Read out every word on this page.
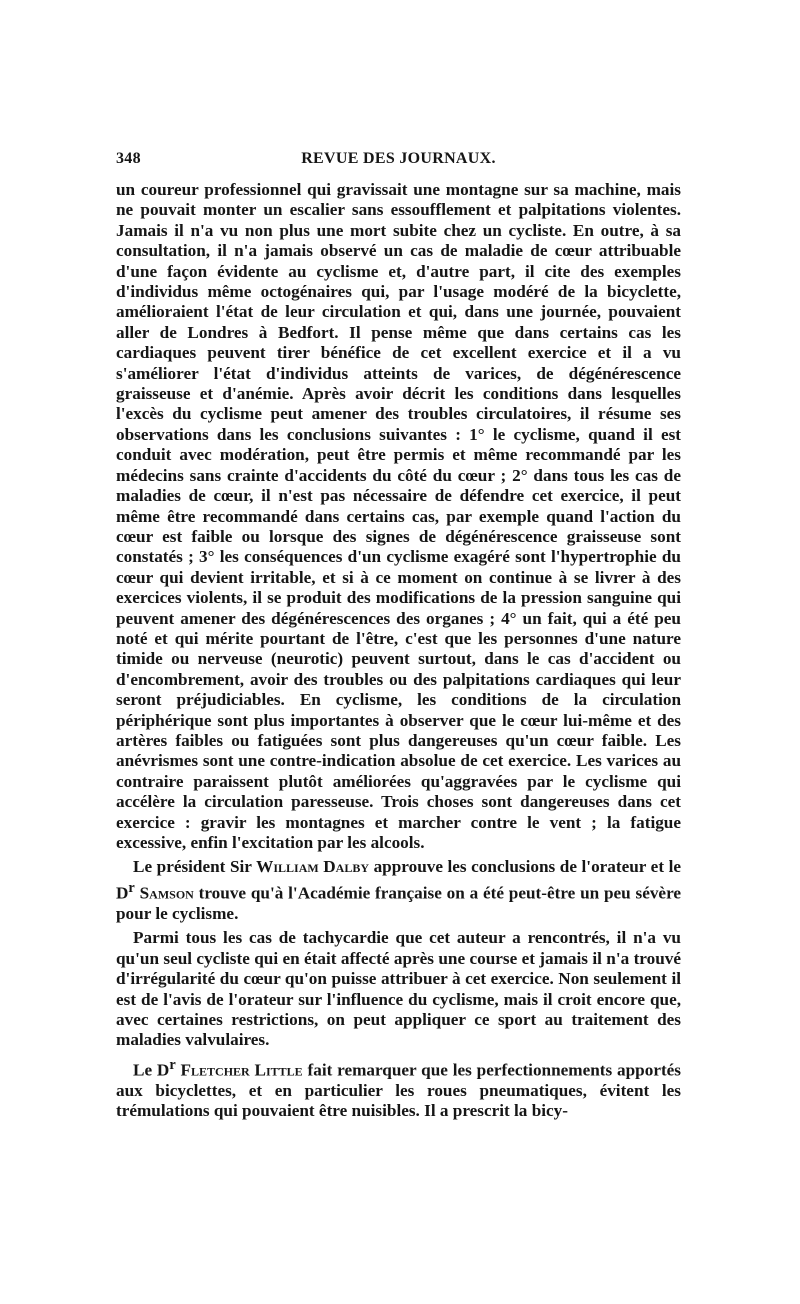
348	REVUE DES JOURNAUX.

un coureur professionnel qui gravissait une montagne sur sa machine, mais ne pouvait monter un escalier sans essoufflement et palpitations violentes. Jamais il n'a vu non plus une mort subite chez un cycliste. En outre, à sa consultation, il n'a jamais observé un cas de maladie de cœur attribuable d'une façon évidente au cyclisme et, d'autre part, il cite des exemples d'individus même octogénaires qui, par l'usage modéré de la bicyclette, amélioraient l'état de leur circulation et qui, dans une journée, pouvaient aller de Londres à Bedfort. Il pense même que dans certains cas les cardiaques peuvent tirer bénéfice de cet excellent exercice et il a vu s'améliorer l'état d'individus atteints de varices, de dégénérescence graisseuse et d'anémie. Après avoir décrit les conditions dans lesquelles l'excès du cyclisme peut amener des troubles circulatoires, il résume ses observations dans les conclusions suivantes : 1° le cyclisme, quand il est conduit avec modération, peut être permis et même recommandé par les médecins sans crainte d'accidents du côté du cœur ; 2° dans tous les cas de maladies de cœur, il n'est pas nécessaire de défendre cet exercice, il peut même être recommandé dans certains cas, par exemple quand l'action du cœur est faible ou lorsque des signes de dégénérescence graisseuse sont constatés ; 3° les conséquences d'un cyclisme exagéré sont l'hypertrophie du cœur qui devient irritable, et si à ce moment on continue à se livrer à des exercices violents, il se produit des modifications de la pression sanguine qui peuvent amener des dégénérescences des organes ; 4° un fait, qui a été peu noté et qui mérite pourtant de l'être, c'est que les personnes d'une nature timide ou nerveuse (neurotic) peuvent surtout, dans le cas d'accident ou d'encombrement, avoir des troubles ou des palpitations cardiaques qui leur seront préjudiciables. En cyclisme, les conditions de la circulation périphérique sont plus importantes à observer que le cœur lui-même et des artères faibles ou fatiguées sont plus dangereuses qu'un cœur faible. Les anévrismes sont une contre-indication absolue de cet exercice. Les varices au contraire paraissent plutôt améliorées qu'aggravées par le cyclisme qui accélère la circulation paresseuse. Trois choses sont dangereuses dans cet exercice : gravir les montagnes et marcher contre le vent ; la fatigue excessive, enfin l'excitation par les alcools.

Le président Sir William Dalby approuve les conclusions de l'orateur et le $D^r$ Samson trouve qu'à l'Académie française on a été peut-être un peu sévère pour le cyclisme.

Parmi tous les cas de tachycardie que cet auteur a rencontrés, il n'a vu qu'un seul cycliste qui en était affecté après une course et jamais il n'a trouvé d'irrégularité du cœur qu'on puisse attribuer à cet exercice. Non seulement il est de l'avis de l'orateur sur l'influence du cyclisme, mais il croit encore que, avec certaines restrictions, on peut appliquer ce sport au traitement des maladies valvulaires.

Le $D^r$ Fletcher Little fait remarquer que les perfectionnements apportés aux bicyclettes, et en particulier les roues pneumatiques, évitent les trémulations qui pouvaient être nuisibles. Il a prescrit la bicy-
